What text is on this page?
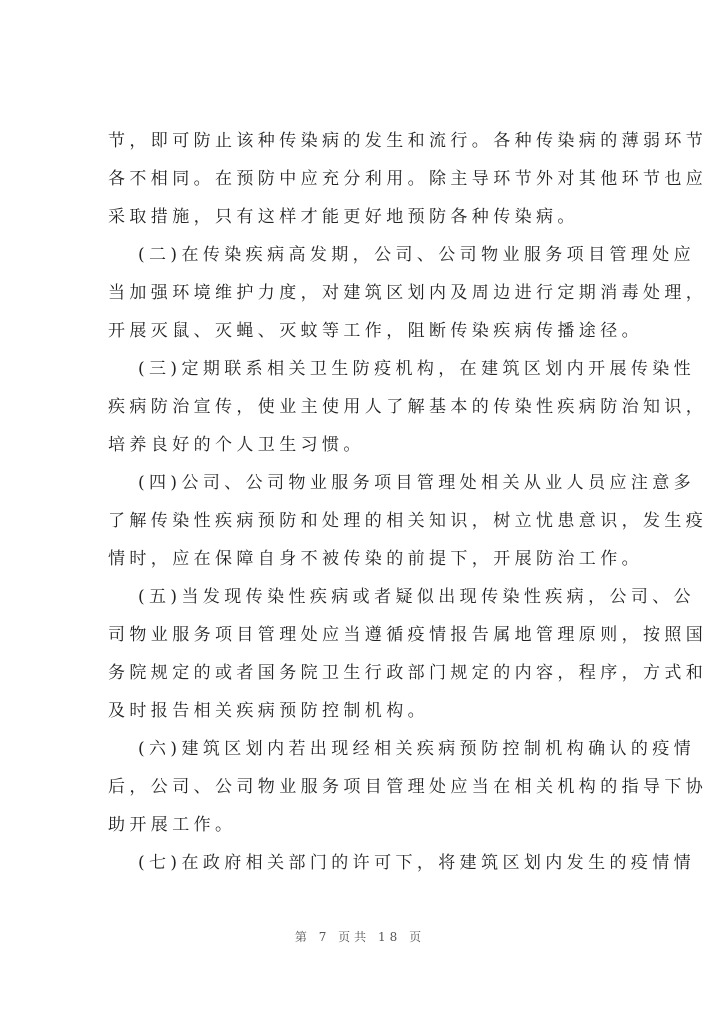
节，即可防止该种传染病的发生和流行。各种传染病的薄弱环节
各不相同。在预防中应充分利用。除主导环节外对其他环节也应
采取措施，只有这样才能更好地预防各种传染病。
(二)在传染疾病高发期，公司、公司物业服务项目管理处应
当加强环境维护力度，对建筑区划内及周边进行定期消毒处理，
开展灭鼠、灭蝇、灭蚊等工作，阻断传染疾病传播途径。
(三)定期联系相关卫生防疫机构，在建筑区划内开展传染性
疾病防治宣传，使业主使用人了解基本的传染性疾病防治知识，
培养良好的个人卫生习惯。
(四)公司、公司物业服务项目管理处相关从业人员应注意多
了解传染性疾病预防和处理的相关知识，树立忧患意识，发生疫
情时，应在保障自身不被传染的前提下，开展防治工作。
(五)当发现传染性疾病或者疑似出现传染性疾病，公司、公
司物业服务项目管理处应当遵循疫情报告属地管理原则，按照国
务院规定的或者国务院卫生行政部门规定的内容，程序，方式和
及时报告相关疾病预防控制机构。
(六)建筑区划内若出现经相关疾病预防控制机构确认的疫情
后，公司、公司物业服务项目管理处应当在相关机构的指导下协
助开展工作。
(七)在政府相关部门的许可下，将建筑区划内发生的疫情情
第 7 页共 18 页
